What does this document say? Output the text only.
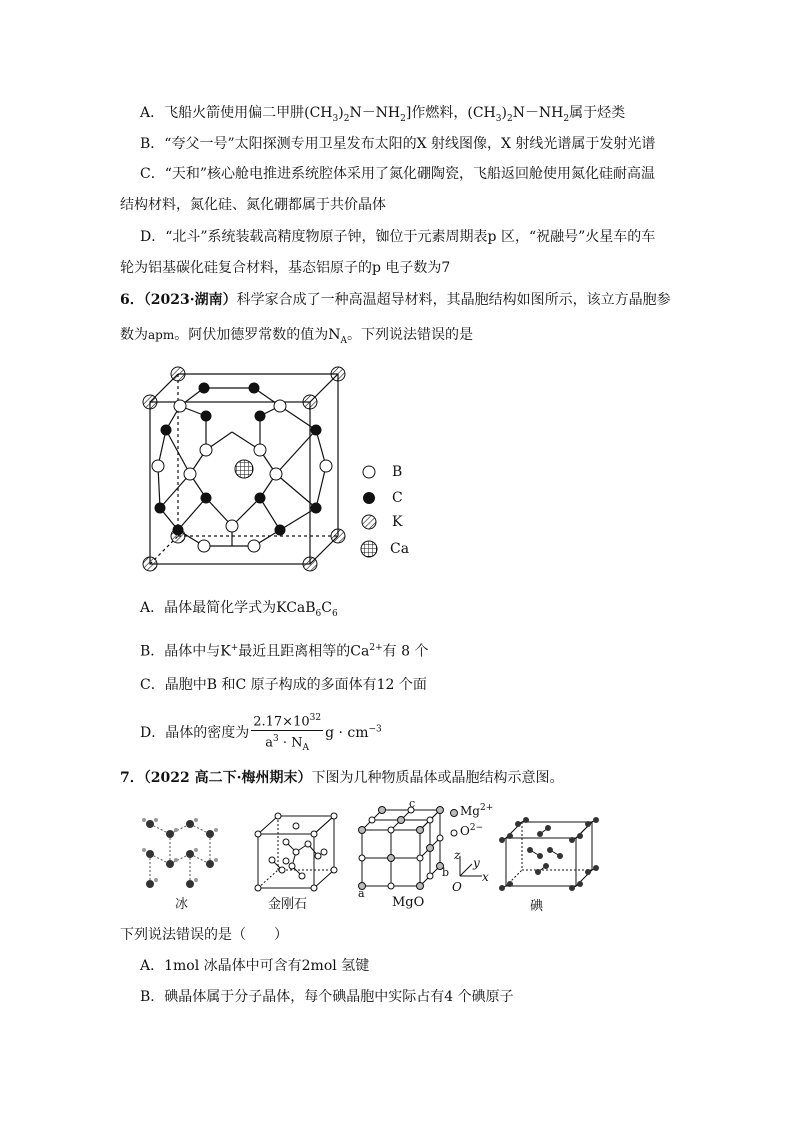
A．飞船火箭使用偏二甲肼$(CH_3)_2N-NH_2$]作燃料，$(CH_3)_2N-NH_2$属于烃类
B．“夸父一号”太阳探测专用卫星发布太阳的X 射线图像，X 射线光谱属于发射光谱
C．“天和”核心舱电推进系统腔体采用了氮化硼陶瓷，飞船返回舱使用氮化硅耐高温
结构材料，氮化硅、氮化硼都属于共价晶体
D．“北斗”系统装载高精度物原子钟，铷位于元素周期表p 区，“祝融号”火星车的车
轮为铝基碳化硅复合材料，基态铝原子的p 电子数为7
6．（2023·湖南）科学家合成了一种高温超导材料，其晶胞结构如图所示，该立方晶胞参
数为apm。阿伏加德罗常数的值为$N_A$。下列说法错误的是
B
C
K
Ca
A．晶体最简化学式为$KCaB_6C_6$
B．晶体中与K+最近且距离相等的$Ca^{2+}$有 8 个
C．晶胞中B 和C 原子构成的多面体有12 个面
D．晶体的密度为 $\frac{2.17\times 10^{32}}{a^3 \cdot N_A}$ $g \cdot cm^{-3}$
7．（2022 高二下·梅州期末）下图为几种物质晶体或晶胞结构示意图。
冰	金刚石
c
a
b
MgO
$Mg^{2+}$
$O^{2-}$
z
y
x
O
碘
下列说法错误的是（　　）
A．1mol 冰晶体中可含有2mol 氢键
B．碘晶体属于分子晶体，每个碘晶胞中实际占有4 个碘原子
